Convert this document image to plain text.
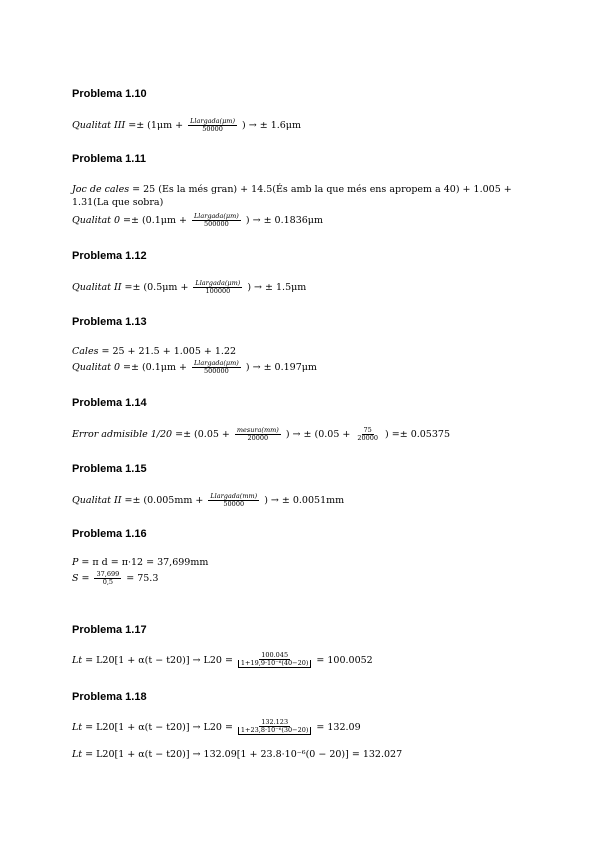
Problema 1.10
Qualitat III =± ($1\mu m + \frac{\text{Llargada(μm)}}{50000}$ ) → ± 1.6μm
Problema 1.11
Joc de cales = 25 (Es la més gran) + 14.5(És amb la que més ens apropem a 40) + 1.005 + 1.31(La que sobra)
Qualitat $0 =\pm (0.1\mu m + \frac{\text{Llargada(μm)}}{500000}$ ) → ± 0.1836μm
Problema 1.12
Qualitat II =± ($0.5\mu m + \frac{\text{Llargada(μm)}}{100000}$ ) → ± 1.5μm
Problema 1.13
Cales = 25 + 21.5 + 1.005 + 1.22
Qualitat $0 =\pm (0.1\mu m + \frac{\text{Llargada(μm)}}{500000}$ ) → ± 0.197μm
Problema 1.14
Error admisible $1/20 =\pm (0.05 + \frac{\text{mesura(mm)}}{20000}$ ) → ± ($0.05 + \frac{75}{20000}$ ) =± 0.05375
Problema 1.15
Qualitat II =± ($0.005mm + \frac{\text{Llargada(mm)}}{50000}$ ) → ± 0.0051mm
Problema 1.16
P = π d = π·12 = 37,699mm
$S = \frac{37,699}{0,5} = 75.3$
Problema 1.17
$Lt = L20[1 + \alpha(t - t20)] \to L20 = \frac{100.045}{\text{1+19,9·10⁻⁶(40−20)}} = 100.0052$
Problema 1.18
$Lt = L20[1 + \alpha(t - t20)] \to L20 = \frac{132.123}{\text{1+23,8·10⁻⁶(30−20)}} = 132.09$
Lt = L20[1 + α(t − t20)] → 132.09[1 + 23.8·10⁻⁶(0 − 20)] = 132.027
